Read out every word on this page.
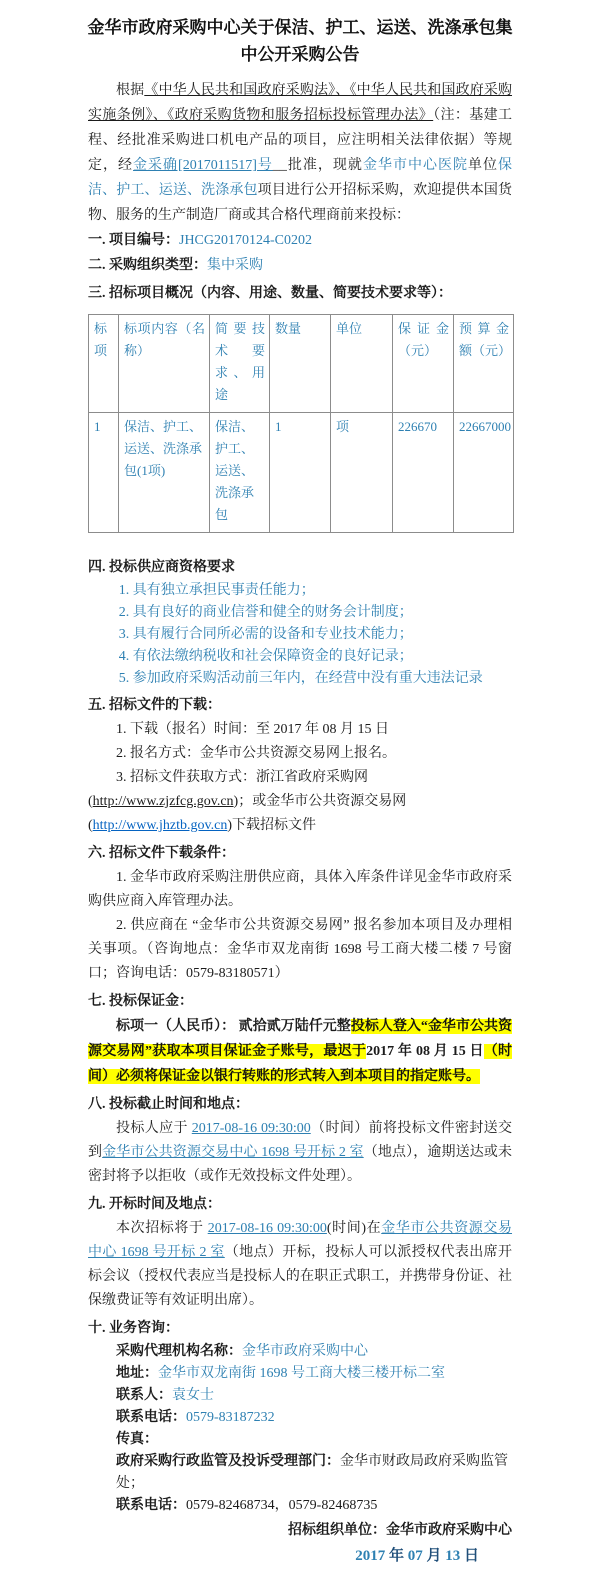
金华市政府采购中心关于保洁、护工、运送、洗涤承包集中公开采购公告

根据《中华人民共和国政府采购法》、《中华人民共和国政府采购实施条例》、《政府采购货物和服务招标投标管理办法》（注：基建工程、经批准采购进口机电产品的项目，应注明相关法律依据）等规定，经金采确[2017011517]号__批准，现就金华市中心医院单位保洁、护工、运送、洗涤承包项目进行公开招标采购，欢迎提供本国货物、服务的生产制造厂商或其合格代理商前来投标：

一. 项目编号：JHCG20170124-C0202

二. 采购组织类型：集中采购

三. 招标项目概况（内容、用途、数量、简要技术要求等）：

标项	标项内容（名称）	简要技术要求、用途	数量	单位	保 证 金（元）	预算金额（元）
1	保洁、护工、运送、洗涤承包(1项)	保洁、护工、运送、洗涤承包	1	项	226670	22667000

四. 投标供应商资格要求

1. 具有独立承担民事责任能力；
2. 具有良好的商业信誉和健全的财务会计制度；
3. 具有履行合同所必需的设备和专业技术能力；
4. 有依法缴纳税收和社会保障资金的良好记录；
5. 参加政府采购活动前三年内，在经营中没有重大违法记录

五. 招标文件的下载：

1. 下载（报名）时间：至 2017 年 08 月 15 日
2. 报名方式：金华市公共资源交易网上报名。
3. 招标文件获取方式：浙江省政府采购网(http://www.zjzfcg.gov.cn)；或金华市公共资源交易网(http://www.jhztb.gov.cn)下载招标文件

六. 招标文件下载条件：

1. 金华市政府采购注册供应商，具体入库条件详见金华市政府采购供应商入库管理办法。
2. 供应商在 “金华市公共资源交易网” 报名参加本项目及办理相关事项。（咨询地点：金华市双龙南街 1698 号工商大楼二楼 7 号窗口；咨询电话：0579-83180571）

七. 投标保证金：

标项一（人民币）： 贰拾贰万陆仟元整投标人登入“金华市公共资源交易网”获取本项目保证金子账号，最迟于2017 年 08 月 15 日（时间）必须将保证金以银行转账的形式转入到本项目的指定账号。

八. 投标截止时间和地点：

投标人应于 2017-08-16 09:30:00（时间）前将投标文件密封送交到金华市公共资源交易中心 1698 号开标 2 室（地点），逾期送达或未密封将予以拒收（或作无效投标文件处理）。

九. 开标时间及地点：

本次招标将于 2017-08-16 09:30:00(时间)在金华市公共资源交易中心 1698 号开标 2 室（地点）开标，投标人可以派授权代表出席开标会议（授权代表应当是投标人的在职正式职工，并携带身份证、社保缴费证等有效证明出席）。

十. 业务咨询：

采购代理机构名称：金华市政府采购中心
地址：金华市双龙南街 1698 号工商大楼三楼开标二室
联系人：袁女士
联系电话：0579-83187232
传真：
政府采购行政监管及投诉受理部门：金华市财政局政府采购监管处；
联系电话：0579-82468734，0579-82468735
招标组织单位：金华市政府采购中心
2017 年 07 月 13 日
